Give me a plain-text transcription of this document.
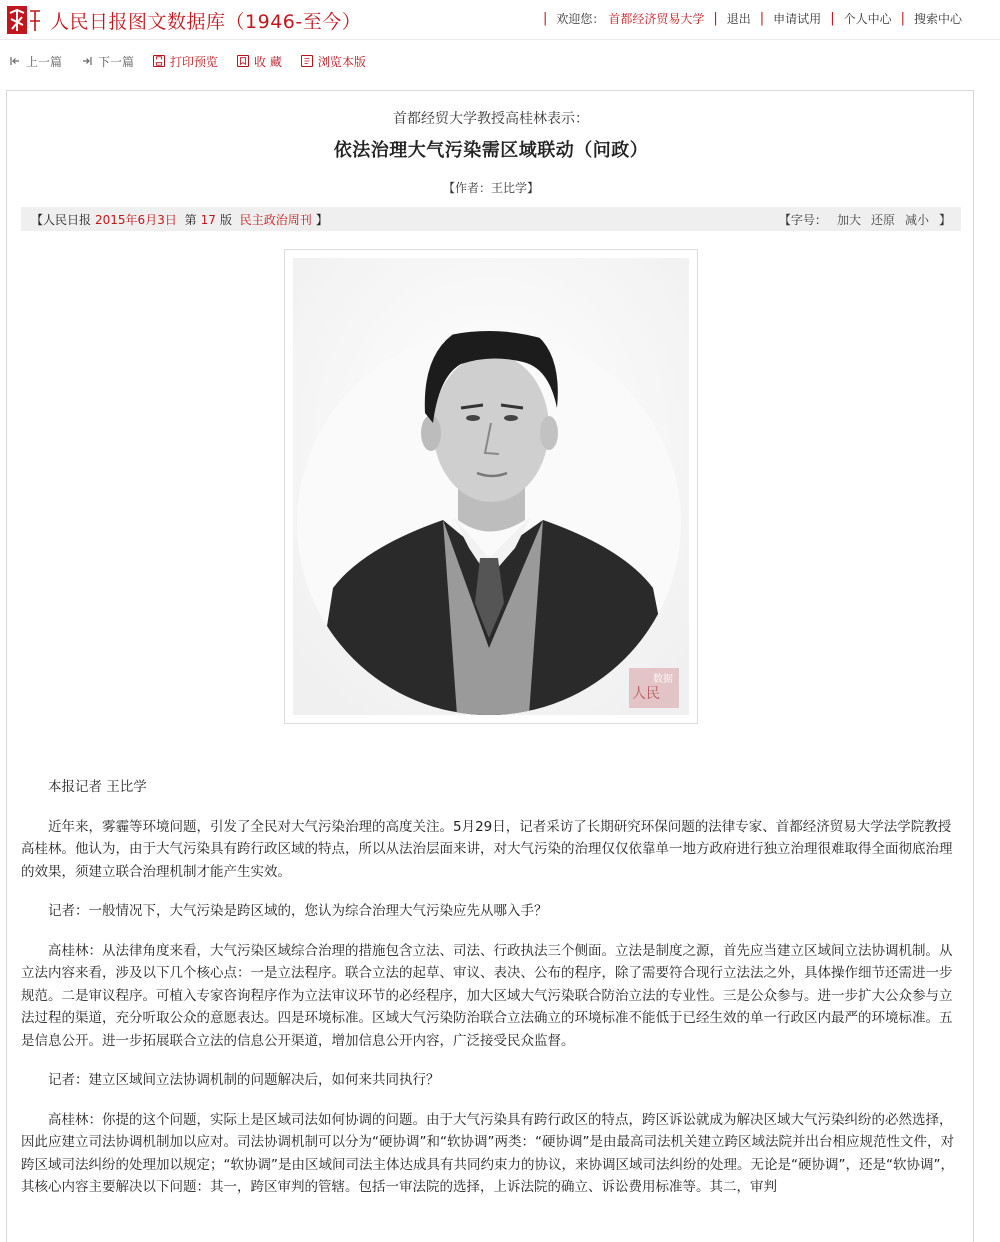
人民日报图文数据库（1946-至今）	| 欢迎您： 首都经济贸易大学 | 退出 | 申请试用 | 个人中心 | 搜索中心
上一篇	下一篇	打印预览	收 藏	浏览本版
首都经贸大学教授高桂林表示：
依法治理大气污染需区域联动（问政）
【作者：王比学】
【人民日报 2015年6月3日 第 17 版 民主政治周刊 】	【字号： 加大 还原 减小 】
人民
数据

本报记者 王比学

近年来，雾霾等环境问题，引发了全民对大气污染治理的高度关注。5月29日，记者采访了长期研究环保问题的法律专家、首都经济贸易大学法学院教授高桂林。他认为，由于大气污染具有跨行政区域的特点，所以从法治层面来讲，对大气污染的治理仅仅依靠单一地方政府进行独立治理很难取得全面彻底治理的效果，须建立联合治理机制才能产生实效。

记者：一般情况下，大气污染是跨区域的，您认为综合治理大气污染应先从哪入手？

高桂林：从法律角度来看，大气污染区域综合治理的措施包含立法、司法、行政执法三个侧面。立法是制度之源，首先应当建立区域间立法协调机制。从立法内容来看，涉及以下几个核心点：一是立法程序。联合立法的起草、审议、表决、公布的程序，除了需要符合现行立法法之外，具体操作细节还需进一步规范。二是审议程序。可植入专家咨询程序作为立法审议环节的必经程序，加大区域大气污染联合防治立法的专业性。三是公众参与。进一步扩大公众参与立法过程的渠道，充分听取公众的意愿表达。四是环境标准。区域大气污染防治联合立法确立的环境标准不能低于已经生效的单一行政区内最严的环境标准。五是信息公开。进一步拓展联合立法的信息公开渠道，增加信息公开内容，广泛接受民众监督。

记者：建立区域间立法协调机制的问题解决后，如何来共同执行？

高桂林：你提的这个问题，实际上是区域司法如何协调的问题。由于大气污染具有跨行政区的特点，跨区诉讼就成为解决区域大气污染纠纷的必然选择，因此应建立司法协调机制加以应对。司法协调机制可以分为“硬协调”和“软协调”两类：“硬协调”是由最高司法机关建立跨区域法院并出台相应规范性文件，对跨区域司法纠纷的处理加以规定；“软协调”是由区域间司法主体达成具有共同约束力的协议，来协调区域司法纠纷的处理。无论是“硬协调”，还是“软协调”，其核心内容主要解决以下问题：其一，跨区审判的管辖。包括一审法院的选择，上诉法院的确立、诉讼费用标准等。其二，审判
